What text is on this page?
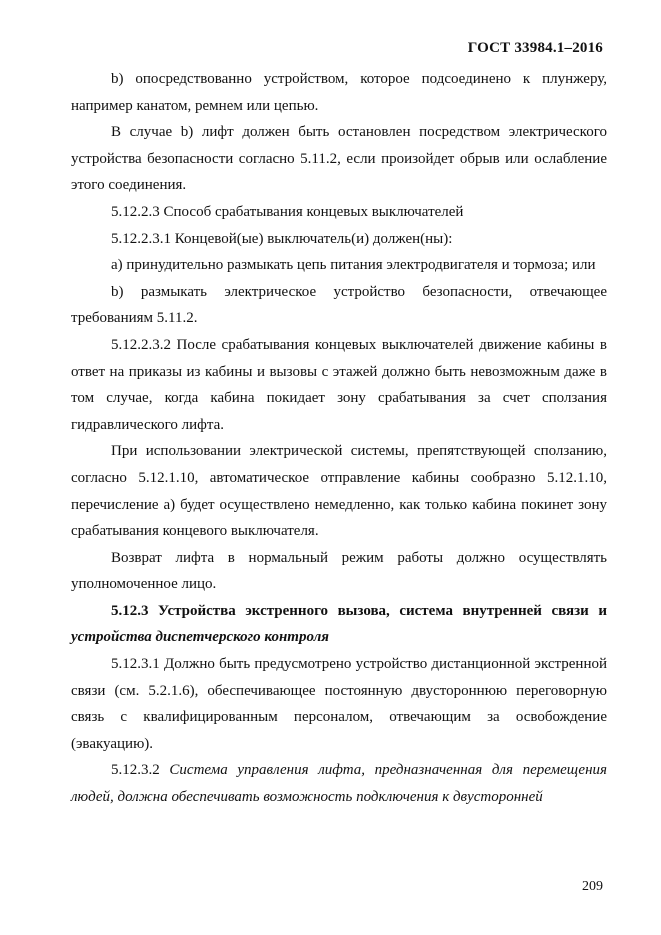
ГОСТ 33984.1–2016

b) опосредствованно устройством, которое подсоединено к плунжеру, например канатом, ремнем или цепью.

В случае b) лифт должен быть остановлен посредством электрического устройства безопасности согласно 5.11.2, если произойдет обрыв или ослабление этого соединения.

5.12.2.3 Способ срабатывания концевых выключателей

5.12.2.3.1 Концевой(ые) выключатель(и) должен(ны):

а) принудительно размыкать цепь питания электродвигателя и тормоза; или

b) размыкать электрическое устройство безопасности, отвечающее требованиям 5.11.2.

5.12.2.3.2 После срабатывания концевых выключателей движение кабины в ответ на приказы из кабины и вызовы с этажей должно быть невозможным даже в том случае, когда кабина покидает зону срабатывания за счет сползания гидравлического лифта.

При использовании электрической системы, препятствующей сползанию, согласно 5.12.1.10, автоматическое отправление кабины сообразно 5.12.1.10, перечисление а) будет осуществлено немедленно, как только кабина покинет зону срабатывания концевого выключателя.

Возврат лифта в нормальный режим работы должно осуществлять уполномоченное лицо.

5.12.3 Устройства экстренного вызова, система внутренней связи и устройства диспетчерского контроля

5.12.3.1 Должно быть предусмотрено устройство дистанционной экстренной связи (см. 5.2.1.6), обеспечивающее постоянную двустороннюю переговорную связь с квалифицированным персоналом, отвечающим за освобождение (эвакуацию).

5.12.3.2 Система управления лифта, предназначенная для перемещения людей, должна обеспечивать возможность подключения к двусторонней

209
